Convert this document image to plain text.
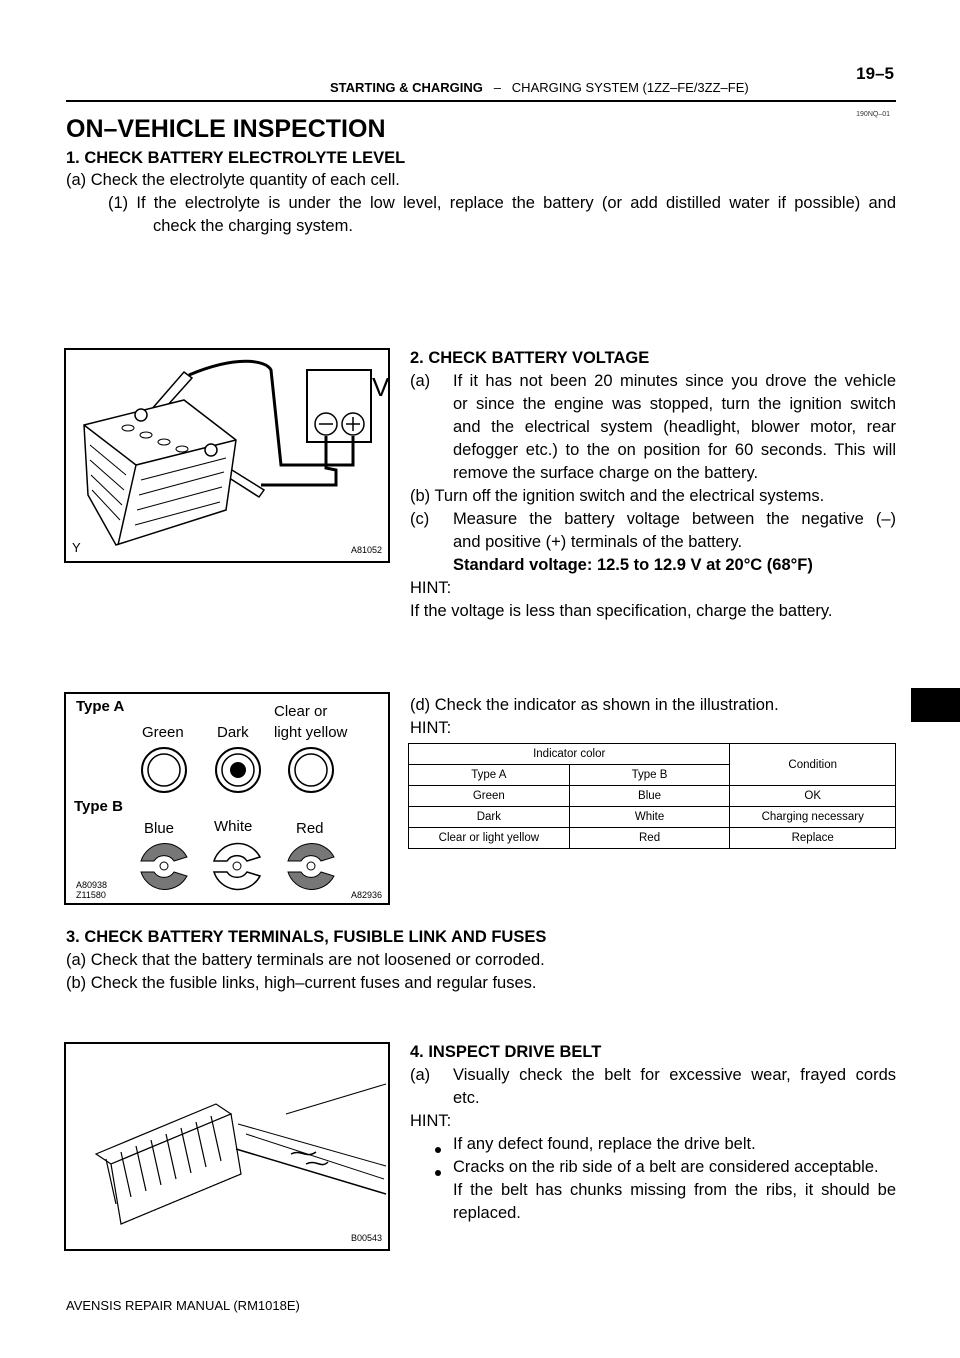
19–5
STARTING & CHARGING – CHARGING SYSTEM (1ZZ–FE/3ZZ–FE)
190NQ–01
ON–VEHICLE INSPECTION
1. CHECK BATTERY ELECTROLYTE LEVEL
(a) Check the electrolyte quantity of each cell.
(1) If the electrolyte is under the low level, replace the battery (or add distilled water if possible) and
check the charging system.
V
Y	A81052
2. CHECK BATTERY VOLTAGE
(a) If it has not been 20 minutes since you drove the vehicle
or since the engine was stopped, turn the ignition switch
and the electrical system (headlight, blower motor, rear
defogger etc.) to the on position for 60 seconds. This will
remove the surface charge on the battery.
(b) Turn off the ignition switch and the electrical systems.
(c) Measure the battery voltage between the negative (–)
and positive (+) terminals of the battery.
Standard voltage: 12.5 to 12.9 V at 20°C (68°F)
HINT:
If the voltage is less than specification, charge the battery.
(d) Check the indicator as shown in the illustration.
HINT:
Type A
Green Dark
Clear or
light yellow
Type B
Blue	White	Red
A80938
Z11580	A82936
Indicator color		Condition
Type A	Type B	
Green	Blue	OK
Dark	White	Charging necessary
Clear or light yellow	Red	Replace
3. CHECK BATTERY TERMINALS, FUSIBLE LINK AND FUSES
(a) Check that the battery terminals are not loosened or corroded.
(b) Check the fusible links, high–current fuses and regular fuses.
B00543
4. INSPECT DRIVE BELT
(a) Visually check the belt for excessive wear, frayed cords
etc.
HINT:
If any defect found, replace the drive belt.
Cracks on the rib side of a belt are considered acceptable.
If the belt has chunks missing from the ribs, it should be
replaced.
AVENSIS REPAIR MANUAL (RM1018E)
